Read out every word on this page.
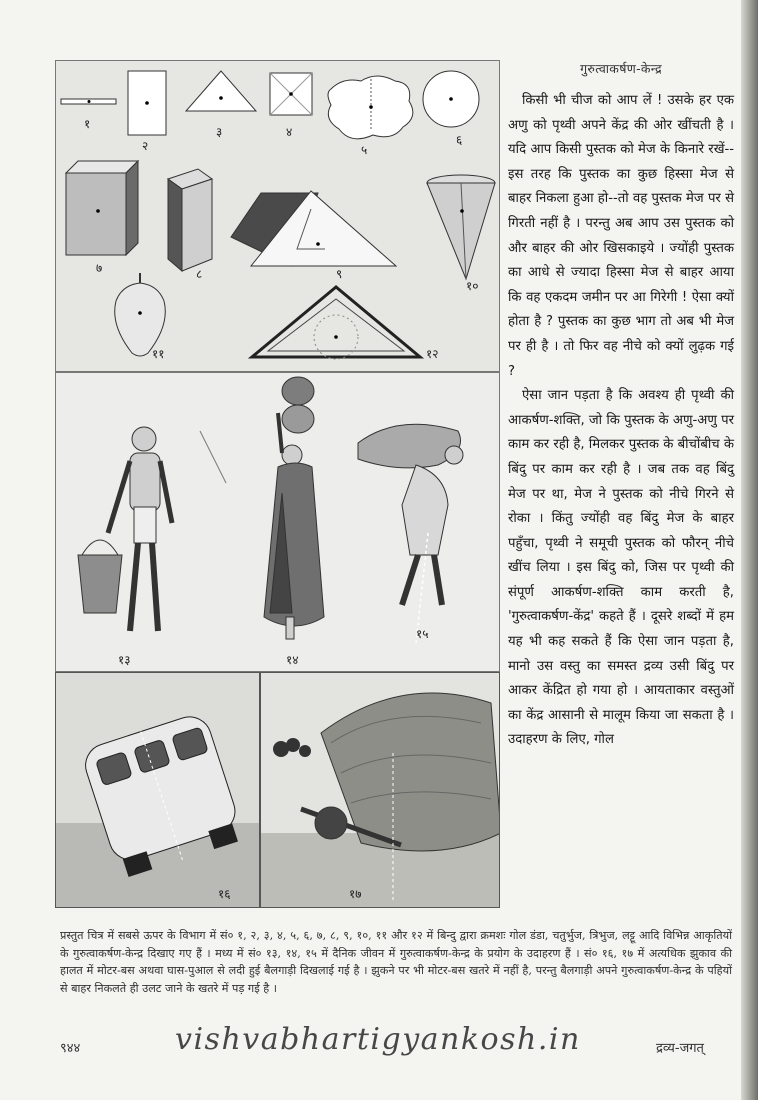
१
२
३	४
५
६
७	८	९
१०
११	१२
१३	१४
१५
१६	१७
गुरुत्वाकर्षण-केन्द्र

किसी भी चीज को आप लें ! उसके हर एक अणु को पृथ्वी अपने केंद्र की ओर खींचती है । यदि आप किसी पुस्तक को मेज के किनारे रखें--इस तरह कि पुस्तक का कुछ हिस्सा मेज से बाहर निकला हुआ हो--तो वह पुस्तक मेज पर से गिरती नहीं है । परन्तु अब आप उस पुस्तक को और बाहर की ओर खिसकाइये । ज्योंही पुस्तक का आधे से ज्यादा हिस्सा मेज से बाहर आया कि वह एकदम जमीन पर आ गिरेगी ! ऐसा क्यों होता है ? पुस्तक का कुछ भाग तो अब भी मेज पर ही है । तो फिर वह नीचे को क्यों लुढ़क गई ?

ऐसा जान पड़ता है कि अवश्य ही पृथ्वी की आकर्षण-शक्ति, जो कि पुस्तक के अणु-अणु पर काम कर रही है, मिलकर पुस्तक के बीचोंबीच के बिंदु पर काम कर रही है । जब तक वह बिंदु मेज पर था, मेज ने पुस्तक को नीचे गिरने से रोका । किंतु ज्योंही वह बिंदु मेज के बाहर पहुँचा, पृथ्वी ने समूची पुस्तक को फौरन् नीचे खींच लिया । इस बिंदु को, जिस पर पृथ्वी की संपूर्ण आकर्षण-शक्ति काम करती है, 'गुरुत्वाकर्षण-केंद्र' कहते हैं । दूसरे शब्दों में हम यह भी कह सकते हैं कि ऐसा जान पड़ता है, मानो उस वस्तु का समस्त द्रव्य उसी बिंदु पर आकर केंद्रित हो गया हो । आयताकार वस्तुओं का केंद्र आसानी से मालूम किया जा सकता है । उदाहरण के लिए, गोल

प्रस्तुत चित्र में सबसे ऊपर के विभाग में सं० १, २, ३, ४, ५, ६, ७, ८, ९, १०, ११ और १२ में बिन्दु द्वारा क्रमशः गोल डंडा, चतुर्भुज, त्रिभुज, लट्टू आदि विभिन्न आकृतियों के गुरुत्वाकर्षण-केन्द्र दिखाए गए हैं । मध्य में सं० १३, १४, १५ में दैनिक जीवन में गुरुत्वाकर्षण-केन्द्र के प्रयोग के उदाहरण हैं । सं० १६, १७ में अत्यधिक झुकाव की हालत में मोटर-बस अथवा घास-पुआल से लदी हुई बैलगाड़ी दिखलाई गई है । झुकने पर भी मोटर-बस खतरे में नहीं है, परन्तु बैलगाड़ी अपने गुरुत्वाकर्षण-केन्द्र के पहियों से बाहर निकलते ही उलट जाने के खतरे में पड़ गई है ।
९४४	vishvabhartigyankosh.in	द्रव्य-जगत्
